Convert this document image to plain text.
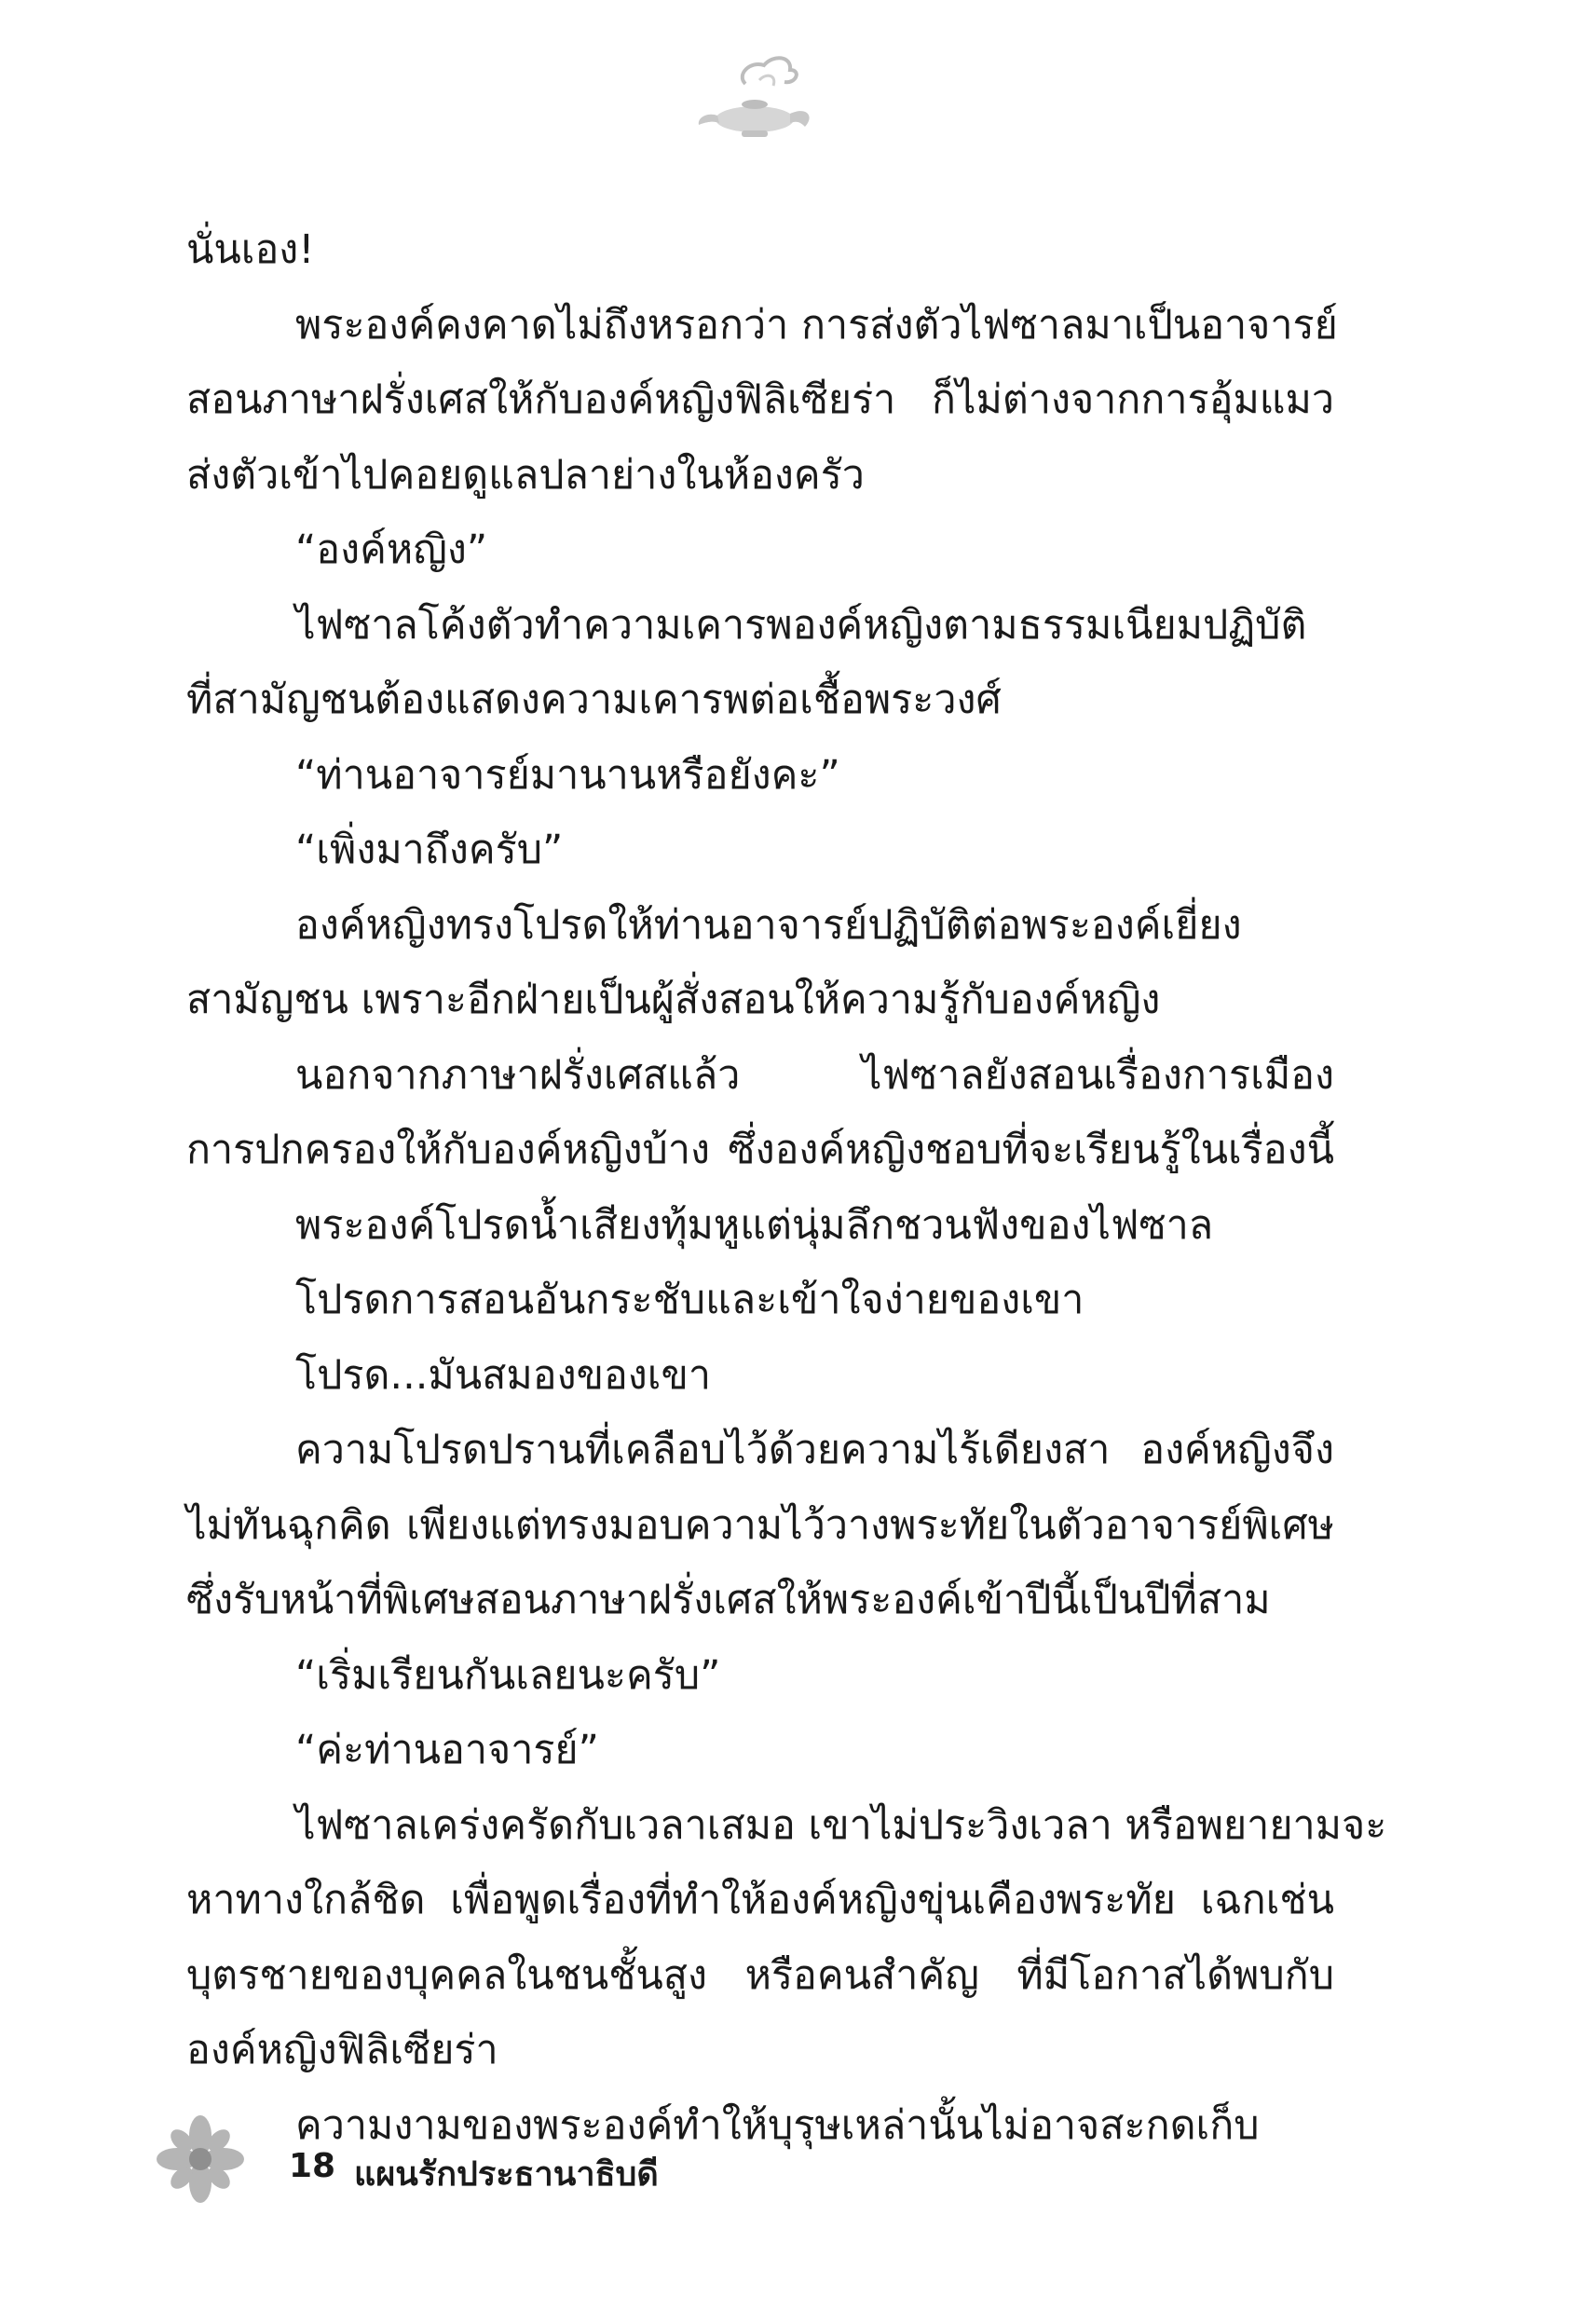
นั่นเอง!

พระองค์คงคาดไม่ถึงหรอกว่า การส่งตัวไฟซาลมาเป็นอาจารย์

สอนภาษาฝรั่งเศสให้กับองค์หญิงฟิลิเซียร่า ก็ไม่ต่างจากการอุ้มแมว

ส่งตัวเข้าไปคอยดูแลปลาย่างในห้องครัว

“องค์หญิง”

ไฟซาลโค้งตัวทำความเคารพองค์หญิงตามธรรมเนียมปฏิบัติ

ที่สามัญชนต้องแสดงความเคารพต่อเชื้อพระวงศ์

“ท่านอาจารย์มานานหรือยังคะ”

“เพิ่งมาถึงครับ”

องค์หญิงทรงโปรดให้ท่านอาจารย์ปฏิบัติต่อพระองค์เยี่ยง

สามัญชน เพราะอีกฝ่ายเป็นผู้สั่งสอนให้ความรู้กับองค์หญิง

นอกจากภาษาฝรั่งเศสแล้ว ไฟซาลยังสอนเรื่องการเมือง

การปกครองให้กับองค์หญิงบ้าง ซึ่งองค์หญิงชอบที่จะเรียนรู้ในเรื่องนี้

พระองค์โปรดน้ำเสียงทุ้มหูแต่นุ่มลึกชวนฟังของไฟซาล

โปรดการสอนอันกระชับและเข้าใจง่ายของเขา

โปรด...มันสมองของเขา

ความโปรดปรานที่เคลือบไว้ด้วยความไร้เดียงสา องค์หญิงจึง

ไม่ทันฉุกคิด เพียงแต่ทรงมอบความไว้วางพระทัยในตัวอาจารย์พิเศษ

ซึ่งรับหน้าที่พิเศษสอนภาษาฝรั่งเศสให้พระองค์เข้าปีนี้เป็นปีที่สาม

“เริ่มเรียนกันเลยนะครับ”

“ค่ะท่านอาจารย์”

ไฟซาลเคร่งครัดกับเวลาเสมอ เขาไม่ประวิงเวลา หรือพยายามจะ

หาทางใกล้ชิด เพื่อพูดเรื่องที่ทำให้องค์หญิงขุ่นเคืองพระทัย เฉกเช่น

บุตรชายของบุคคลในชนชั้นสูง หรือคนสำคัญ ที่มีโอกาสได้พบกับ

องค์หญิงฟิลิเซียร่า

ความงามของพระองค์ทำให้บุรุษเหล่านั้นไม่อาจสะกดเก็บ

18 แผนรักประธานาธิบดี
